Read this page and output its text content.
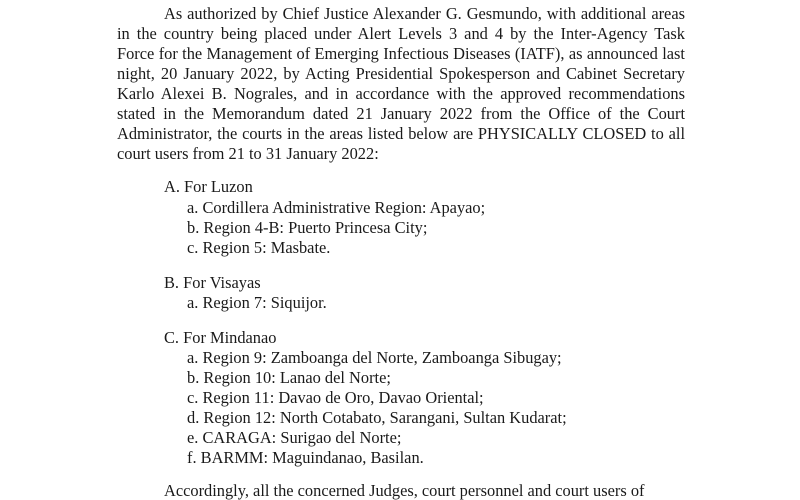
As authorized by Chief Justice Alexander G. Gesmundo, with additional areas in the country being placed under Alert Levels 3 and 4 by the Inter-Agency Task Force for the Management of Emerging Infectious Diseases (IATF), as announced last night, 20 January 2022, by Acting Presidential Spokesperson and Cabinet Secretary Karlo Alexei B. Nograles, and in accordance with the approved recommendations stated in the Memorandum dated 21 January 2022 from the Office of the Court Administrator, the courts in the areas listed below are PHYSICALLY CLOSED to all court users from 21 to 31 January 2022:

A. For Luzon
a. Cordillera Administrative Region: Apayao;
b. Region 4-B: Puerto Princesa City;
c. Region 5: Masbate.
B. For Visayas
a. Region 7: Siquijor.
C. For Mindanao
a. Region 9: Zamboanga del Norte, Zamboanga Sibugay;
b. Region 10: Lanao del Norte;
c. Region 11: Davao de Oro, Davao Oriental;
d. Region 12: North Cotabato, Sarangani, Sultan Kudarat;
e. CARAGA: Surigao del Norte;
f. BARMM: Maguindanao, Basilan.

Accordingly, all the concerned Judges, court personnel and court users of
